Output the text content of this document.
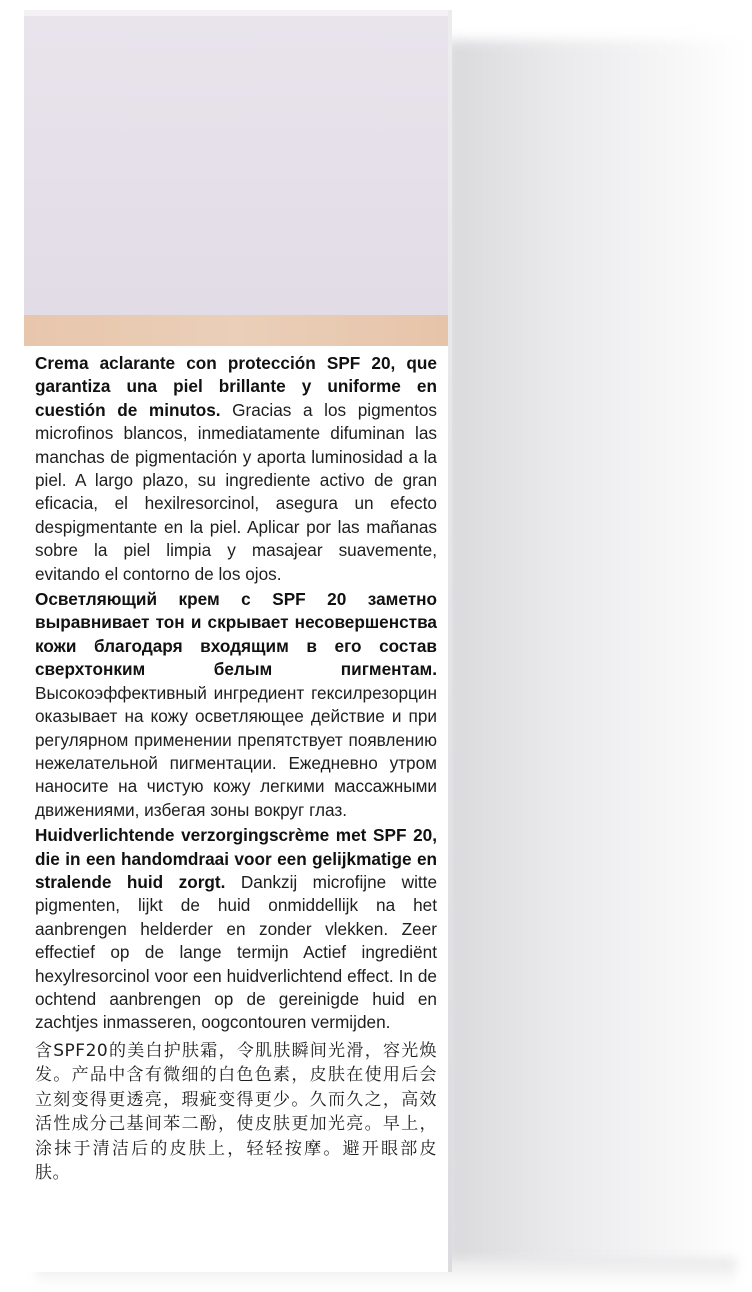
Crema aclarante con protección SPF 20, que garantiza una piel brillante y uniforme en cuestión de minutos. Gracias a los pigmentos microfinos blancos, inmediatamente difuminan las manchas de pigmentación y aporta luminosidad a la piel. A largo plazo, su ingrediente activo de gran eficacia, el hexilresorcinol, asegura un efecto despigmentante en la piel. Aplicar por las mañanas sobre la piel limpia y masajear suavemente, evitando el contorno de los ojos.

Осветляющий крем с SPF 20 заметно выравнивает тон и скрывает несовершенства кожи благодаря входящим в его состав сверхтонким белым пигментам. Высокоэффективный ингредиент гексилрезорцин оказывает на кожу осветляющее действие и при регулярном применении препятствует появлению нежелательной пигментации. Ежедневно утром наносите на чистую кожу легкими массажными движениями, избегая зоны вокруг глаз.

Huidverlichtende verzorgingscrème met SPF 20, die in een handomdraai voor een gelijkmatige en stralende huid zorgt. Dankzij microfijne witte pigmenten, lijkt de huid onmiddellijk na het aanbrengen helderder en zonder vlekken. Zeer effectief op de lange termijn Actief ingrediënt hexylresorcinol voor een huidverlichtend effect. In de ochtend aanbrengen op de gereinigde huid en zachtjes inmasseren, oogcontouren vermijden.

含SPF20的美白护肤霜，令肌肤瞬间光滑，容光焕发。产品中含有微细的白色色素，皮肤在使用后会立刻变得更透亮，瑕疵变得更少。久而久之，高效活性成分己基间苯二酚，使皮肤更加光亮。早上，涂抹于清洁后的皮肤上，轻轻按摩。避开眼部皮肤。
